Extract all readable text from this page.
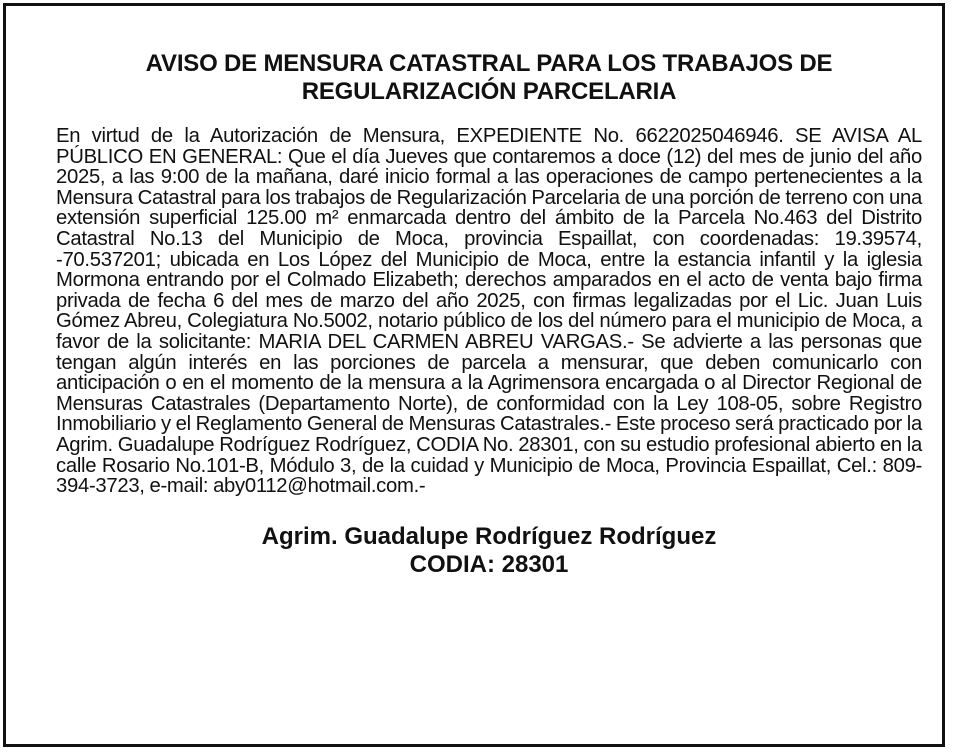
AVISO DE MENSURA CATASTRAL PARA LOS TRABAJOS DE
REGULARIZACIÓN PARCELARIA

En virtud de la Autorización de Mensura, EXPEDIENTE No. 6622025046946. SE AVISA AL PÚBLICO EN GENERAL: Que el día Jueves que contaremos a doce (12) del mes de junio del año 2025, a las 9:00 de la mañana, daré inicio formal a las operaciones de campo pertenecientes a la Mensura Catastral para los trabajos de Regularización Parcelaria de una porción de terreno con una extensión superficial 125.00 m² enmarcada dentro del ámbito de la Parcela No.463 del Distrito Catastral No.13 del Municipio de Moca, provincia Espaillat, con coordenadas: 19.39574, -70.537201; ubicada en Los López del Municipio de Moca, entre la estancia infantil y la iglesia Mormona entrando por el Colmado Elizabeth; derechos amparados en el acto de venta bajo firma privada de fecha 6 del mes de marzo del año 2025, con firmas legalizadas por el Lic. Juan Luis Gómez Abreu, Colegiatura No.5002, notario público de los del número para el municipio de Moca, a favor de la solicitante: MARIA DEL CARMEN ABREU VARGAS.- Se advierte a las personas que tengan algún interés en las porciones de parcela a mensurar, que deben comunicarlo con anticipación o en el momento de la mensura a la Agrimensora encargada o al Director Regional de Mensuras Catastrales (Departamento Norte), de conformidad con la Ley 108-05, sobre Registro Inmobiliario y el Reglamento General de Mensuras Catastrales.- Este proceso será practicado por la Agrim. Guadalupe Rodríguez Rodríguez, CODIA No. 28301, con su estudio profesional abierto en la calle Rosario No.101-B, Módulo 3, de la cuidad y Municipio de Moca, Provincia Espaillat, Cel.: 809-394-3723, e-mail: aby0112@hotmail.com.-

Agrim. Guadalupe Rodríguez Rodríguez
CODIA: 28301
